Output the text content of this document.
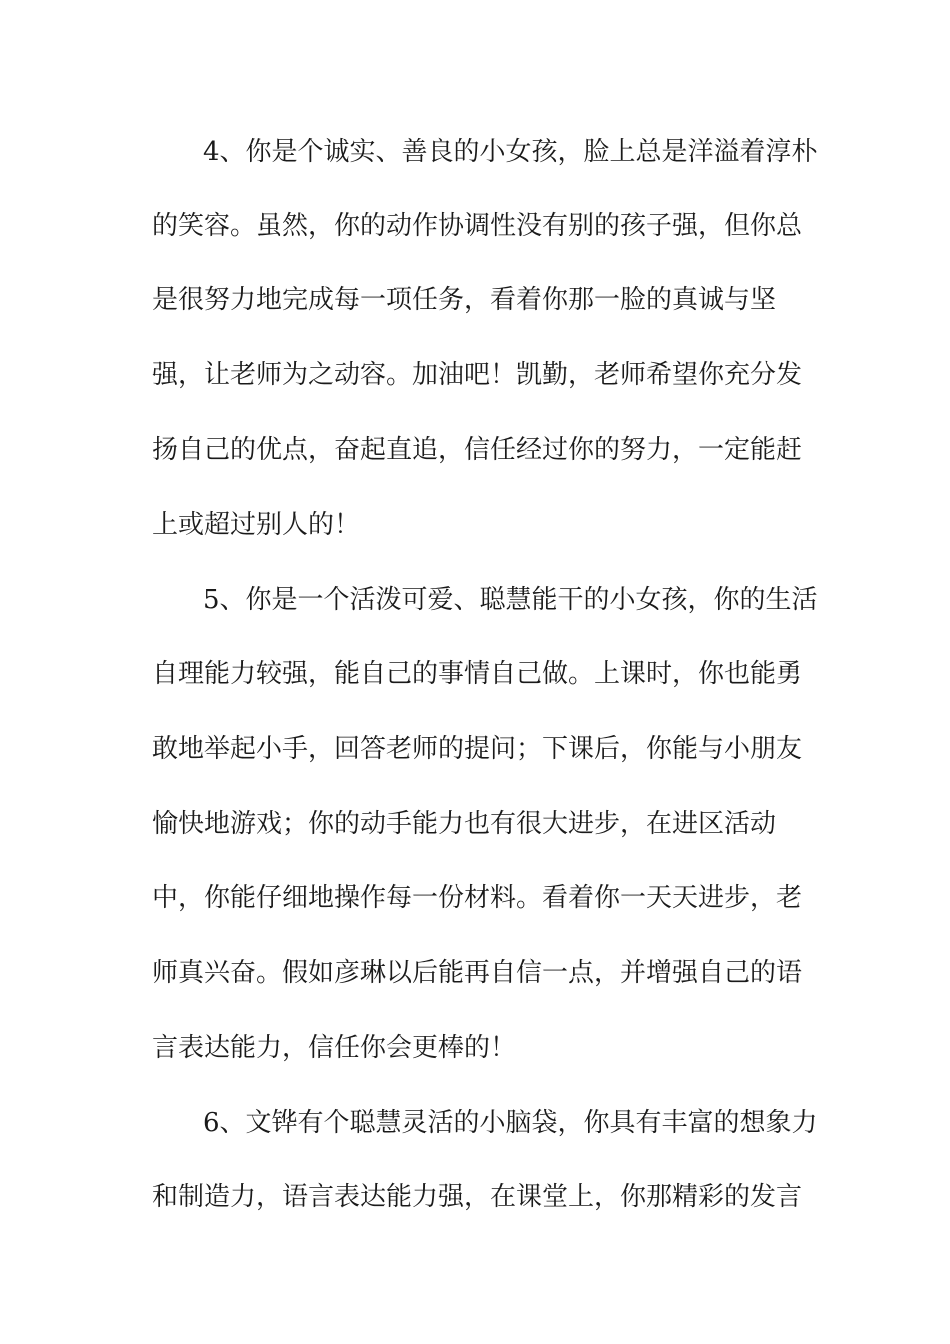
4、你是个诚实、善良的小女孩，脸上总是洋溢着淳朴
的笑容。虽然，你的动作协调性没有别的孩子强，但你总
是很努力地完成每一项任务，看着你那一脸的真诚与坚
强，让老师为之动容。加油吧！凯勤，老师希望你充分发
扬自己的优点，奋起直追，信任经过你的努力，一定能赶
上或超过别人的！
5、你是一个活泼可爱、聪慧能干的小女孩，你的生活
自理能力较强，能自己的事情自己做。上课时，你也能勇
敢地举起小手，回答老师的提问；下课后，你能与小朋友
愉快地游戏；你的动手能力也有很大进步，在进区活动
中，你能仔细地操作每一份材料。看着你一天天进步，老
师真兴奋。假如彦琳以后能再自信一点，并增强自己的语
言表达能力，信任你会更棒的！
6、文铧有个聪慧灵活的小脑袋，你具有丰富的想象力
和制造力，语言表达能力强，在课堂上，你那精彩的发言
